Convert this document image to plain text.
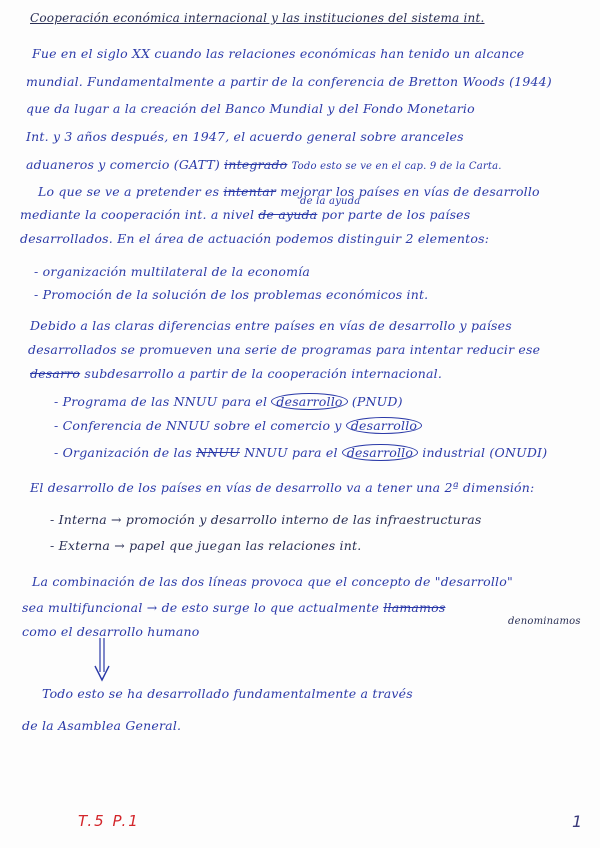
Cooperación económica internacional y las instituciones del sistema int.
Fue en el siglo XX cuando las relaciones económicas han tenido un alcance
mundial. Fundamentalmente a partir de la conferencia de Bretton Woods (1944)
que da lugar a la creación del Banco Mundial y del Fondo Monetario
Int. y 3 años después, en 1947, el acuerdo general sobre aranceles
aduaneros y comercio (GATT) integrado Todo esto se ve en el cap. 9 de la Carta.
de la ayuda
Lo que se ve a pretender es intentar mejorar los países en vías de desarrollo
mediante la cooperación int. a nivel de ayuda por parte de los países
desarrollados. En el área de actuación podemos distinguir 2 elementos:
- organización multilateral de la economía
- Promoción de la solución de los problemas económicos int.
Debido a las claras diferencias entre países en vías de desarrollo y países
desarrollados se promueven una serie de programas para intentar reducir ese
desarro subdesarrollo a partir de la cooperación internacional.
- Programa de las NNUU para el desarrollo (PNUD)
- Conferencia de NNUU sobre el comercio y desarrollo
- Organización de las NNUU NNUU para el desarrollo industrial (ONUDI)
El desarrollo de los países en vías de desarrollo va a tener una 2ª dimensión:
- Interna → promoción y desarrollo interno de las infraestructuras
- Externa → papel que juegan las relaciones int.
La combinación de las dos líneas provoca que el concepto de "desarrollo"
sea multifuncional → de esto surge lo que actualmente llamamos
denominamos
como el desarrollo humano
Todo esto se ha desarrollado fundamentalmente a través
de la Asamblea General.
T.5 P.1	1
